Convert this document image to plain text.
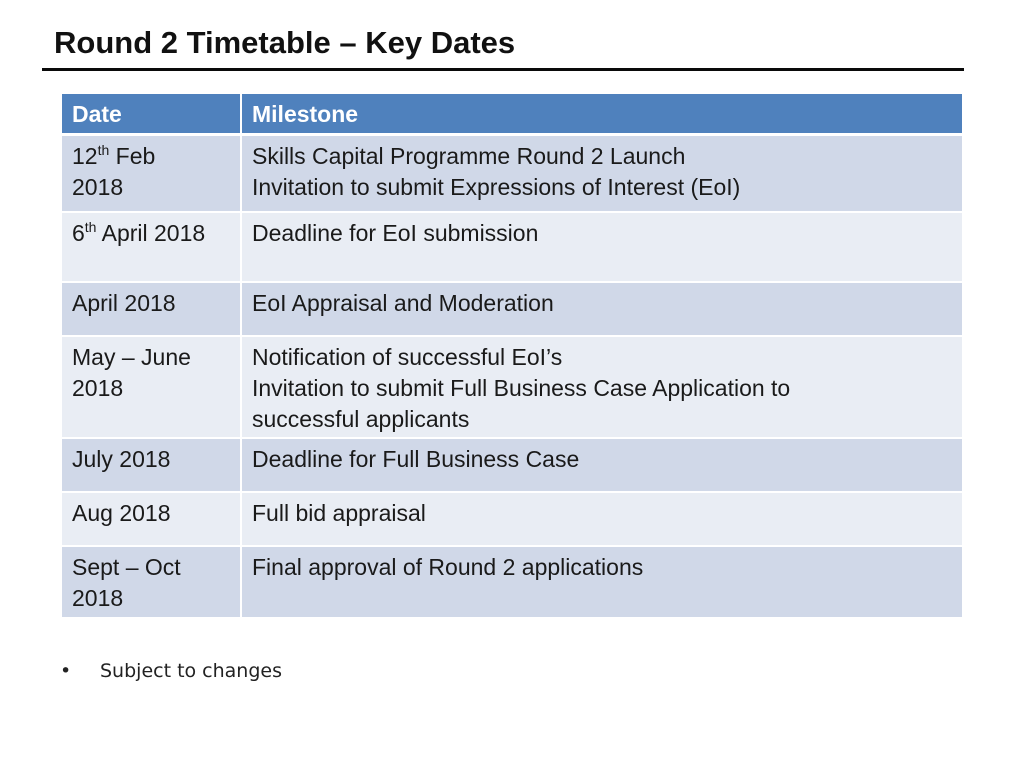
Round 2 Timetable – Key Dates
Date	Milestone

12th Feb
2018	Skills Capital Programme Round 2 Launch
Invitation to submit Expressions of Interest (EoI)

6th April 2018	Deadline for EoI submission

April 2018	EoI Appraisal and Moderation

May – June
2018	Notification of successful EoI’s
Invitation to submit Full Business Case Application to
successful applicants

July 2018	Deadline for Full Business Case

Aug 2018	Full bid appraisal

Sept – Oct
2018	Final approval of Round 2 applications
• Subject to changes
